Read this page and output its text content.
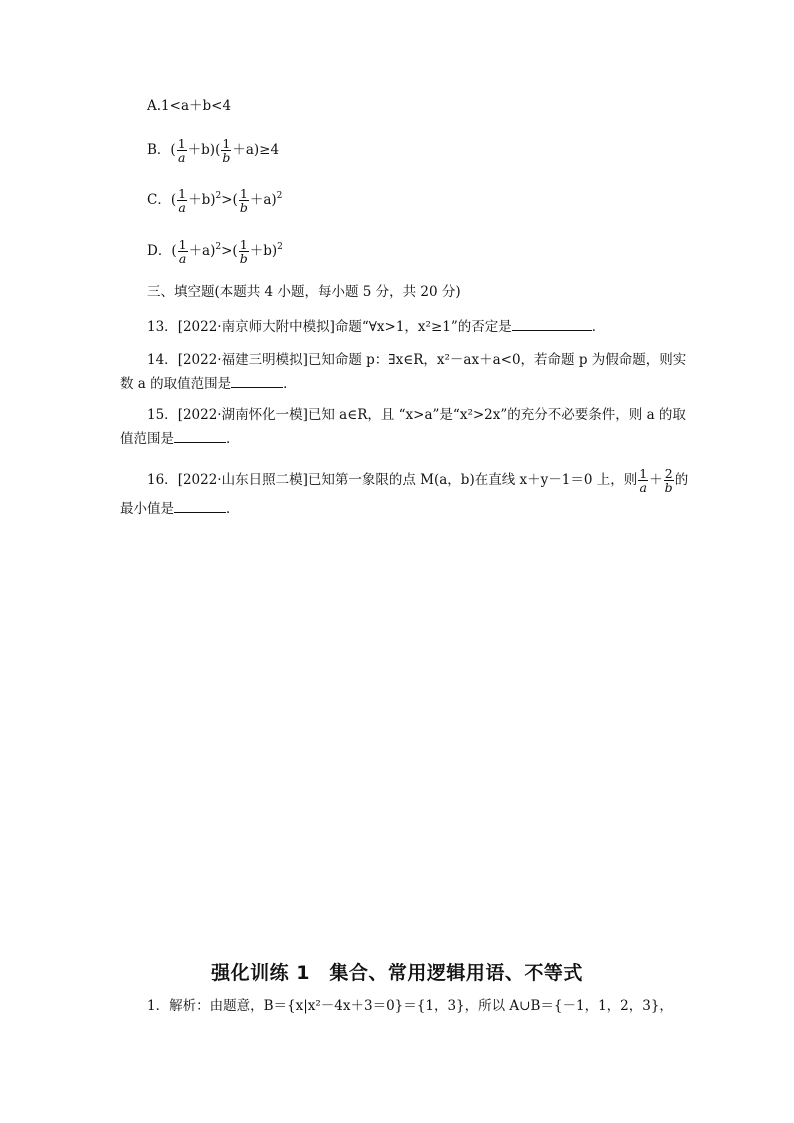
A.1<a＋b<4
B．( $\frac{1}{a} +b)( \frac{1}{b} +a)\ge 4$
C．( $\frac{1}{a} +b)^2>( \frac{1}{b} +a)^2$
D．( $\frac{1}{a} +a)^2>( \frac{1}{b} +b)^2$
三、填空题(本题共 4 小题，每小题 5 分，共 20 分)
13．[2022·南京师大附中模拟]命题“∀x>1，x²≥1”的否定是	．
14．[2022·福建三明模拟]已知命题 p：∃x∈R，x²－ax＋a<0，若命题 p 为假命题，则实
数 a 的取值范围是	．
15．[2022·湖南怀化一模]已知 a∈R，且 “x>a”是“x²>2x”的充分不必要条件，则 a 的取
值范围是	．
16．[2022·山东日照二模]已知第一象限的点 M(a，b)在直线 x＋y－1＝0 上，则 $\frac{1}{a} + \frac{2}{b}$ 的
最小值是	．
强化训练 1　集合、常用逻辑用语、不等式
1．解析：由题意，B＝{x|x²－4x＋3＝0}＝{1，3}，所以 A∪B＝{－1，1，2，3}，
